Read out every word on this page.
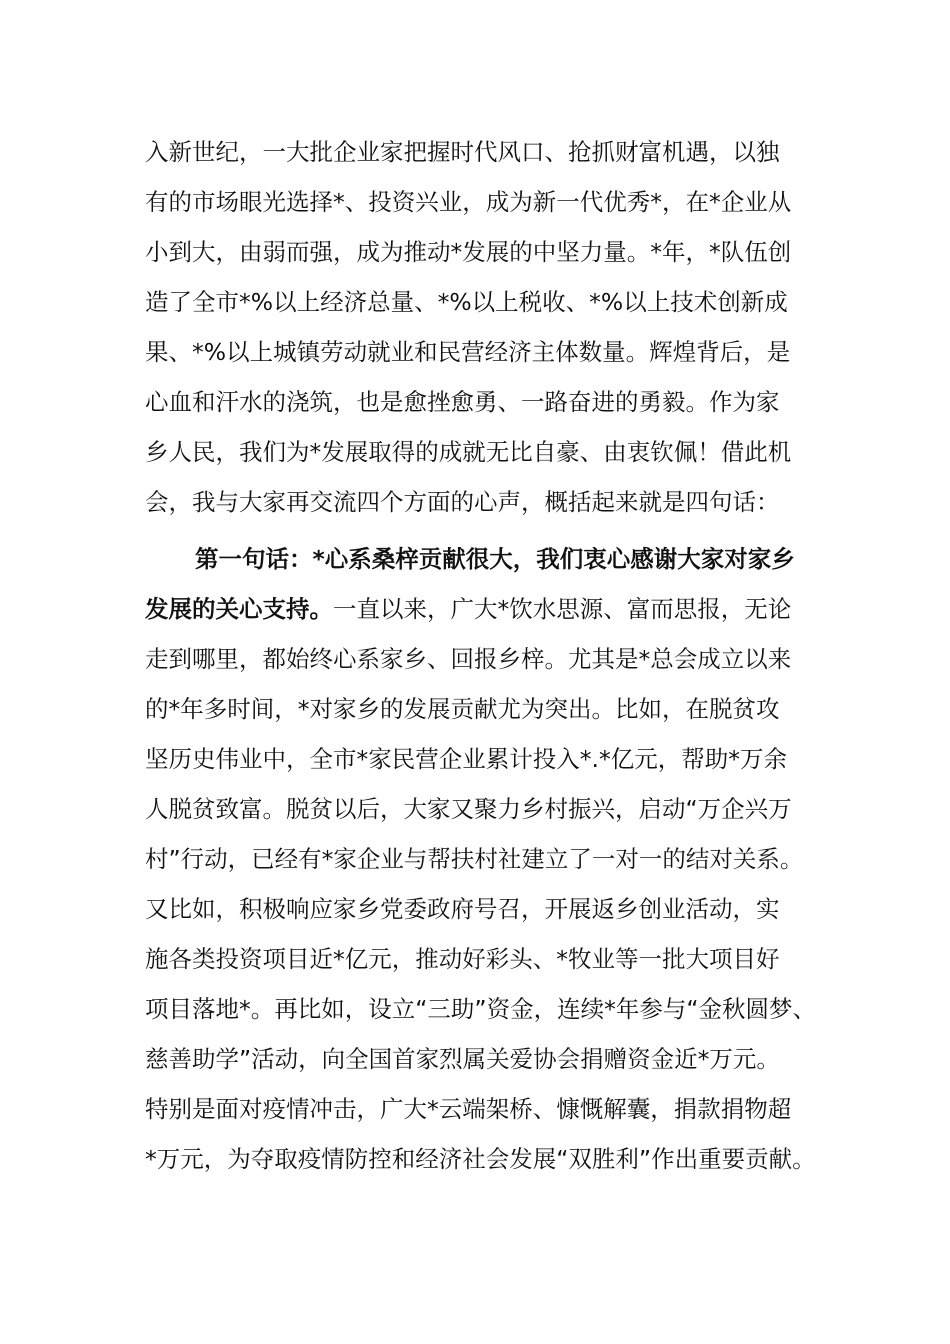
入新世纪，一大批企业家把握时代风口、抢抓财富机遇，以独
有的市场眼光选择*、投资兴业，成为新一代优秀*，在*企业从
小到大，由弱而强，成为推动*发展的中坚力量。*年，*队伍创
造了全市*%以上经济总量、*%以上税收、*%以上技术创新成
果、*%以上城镇劳动就业和民营经济主体数量。辉煌背后，是
心血和汗水的浇筑，也是愈挫愈勇、一路奋进的勇毅。作为家
乡人民，我们为*发展取得的成就无比自豪、由衷钦佩！借此机
会，我与大家再交流四个方面的心声，概括起来就是四句话：
第一句话：*心系桑梓贡献很大，我们衷心感谢大家对家乡
发展的关心支持。一直以来，广大*饮水思源、富而思报，无论
走到哪里，都始终心系家乡、回报乡梓。尤其是*总会成立以来
的*年多时间，*对家乡的发展贡献尤为突出。比如，在脱贫攻
坚历史伟业中，全市*家民营企业累计投入*.*亿元，帮助*万余
人脱贫致富。脱贫以后，大家又聚力乡村振兴，启动“万企兴万
村”行动，已经有*家企业与帮扶村社建立了一对一的结对关系。
又比如，积极响应家乡党委政府号召，开展返乡创业活动，实
施各类投资项目近*亿元，推动好彩头、*牧业等一批大项目好
项目落地*。再比如，设立“三助”资金，连续*年参与“金秋圆梦、
慈善助学”活动，向全国首家烈属关爱协会捐赠资金近*万元。
特别是面对疫情冲击，广大*云端架桥、慷慨解囊，捐款捐物超
*万元，为夺取疫情防控和经济社会发展“双胜利”作出重要贡献。
